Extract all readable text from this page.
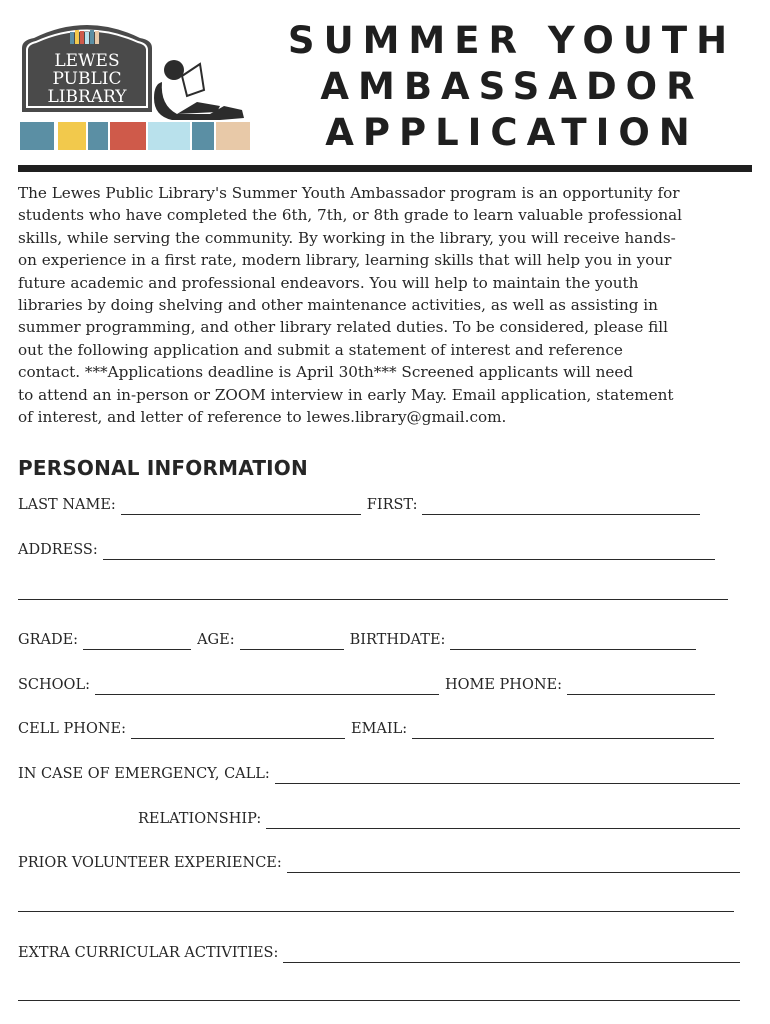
LEWES
PUBLIC
LIBRARY
SUMMER YOUTH
AMBASSADOR
APPLICATION
The Lewes Public Library's Summer Youth Ambassador program is an opportunity for
students who have completed the 6th, 7th, or 8th grade to learn valuable professional
skills, while serving the community. By working in the library, you will receive hands-
on experience in a first rate, modern library, learning skills that will help you in your
future academic and professional endeavors. You will help to maintain the youth
libraries by doing shelving and other maintenance activities, as well as assisting in
summer programming, and other library related duties. To be considered, please fill
out the following application and submit a statement of interest and reference
contact. ***Applications deadline is April 30th*** Screened applicants will need
to attend an in-person or ZOOM interview in early May. Email application, statement
of interest, and letter of reference to lewes.library@gmail.com.
PERSONAL INFORMATION
LAST NAME:	FIRST:
ADDRESS:
GRADE:	AGE:	BIRTHDATE:
SCHOOL:	HOME PHONE:
CELL PHONE:	EMAIL:
IN CASE OF EMERGENCY, CALL:
RELATIONSHIP:
PRIOR VOLUNTEER EXPERIENCE:
EXTRA CURRICULAR ACTIVITIES:
